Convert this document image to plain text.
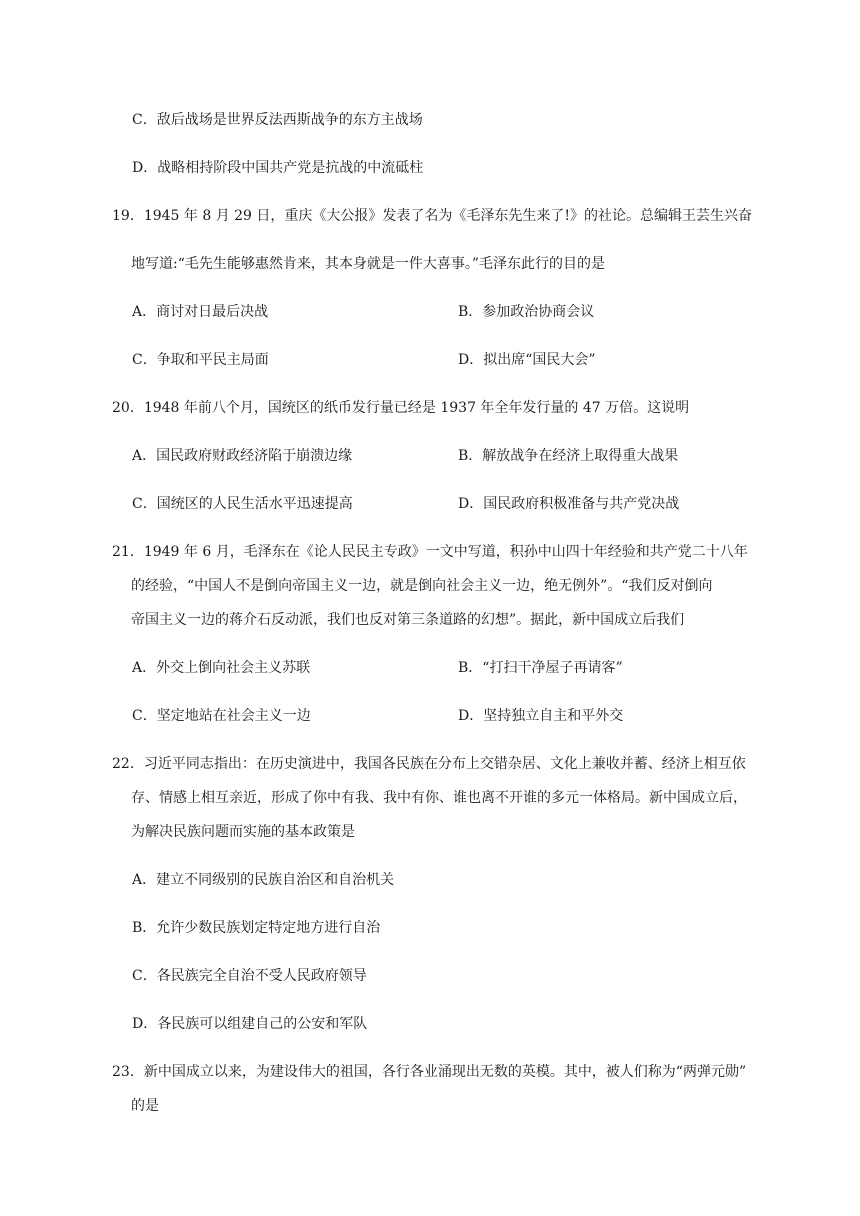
C．敌后战场是世界反法西斯战争的东方主战场
D．战略相持阶段中国共产党是抗战的中流砥柱
19．1945 年 8 月 29 日，重庆《大公报》发表了名为《毛泽东先生来了!》的社论。总编辑王芸生兴奋
地写道:“毛先生能够惠然肯来，其本身就是一件大喜事。”毛泽东此行的目的是
A．商讨对日最后决战	B．参加政治协商会议
C．争取和平民主局面	D．拟出席“国民大会”
20．1948 年前八个月，国统区的纸币发行量已经是 1937 年全年发行量的 47 万倍。这说明
A．国民政府财政经济陷于崩溃边缘	B．解放战争在经济上取得重大战果
C．国统区的人民生活水平迅速提高	D．国民政府积极准备与共产党决战
21．1949 年 6 月，毛泽东在《论人民民主专政》一文中写道，积孙中山四十年经验和共产党二十八年
的经验，“中国人不是倒向帝国主义一边，就是倒向社会主义一边，绝无例外”。“我们反对倒向
帝国主义一边的蒋介石反动派，我们也反对第三条道路的幻想”。据此，新中国成立后我们
A．外交上倒向社会主义苏联	B．“打扫干净屋子再请客”
C．坚定地站在社会主义一边	D．坚持独立自主和平外交
22．习近平同志指出：在历史演进中，我国各民族在分布上交错杂居、文化上兼收并蓄、经济上相互依
存、情感上相互亲近，形成了你中有我、我中有你、谁也离不开谁的多元一体格局。新中国成立后，
为解决民族问题而实施的基本政策是
A．建立不同级别的民族自治区和自治机关
B．允许少数民族划定特定地方进行自治
C．各民族完全自治不受人民政府领导
D．各民族可以组建自己的公安和军队
23．新中国成立以来，为建设伟大的祖国，各行各业涌现出无数的英模。其中，被人们称为“两弹元勋”
的是
